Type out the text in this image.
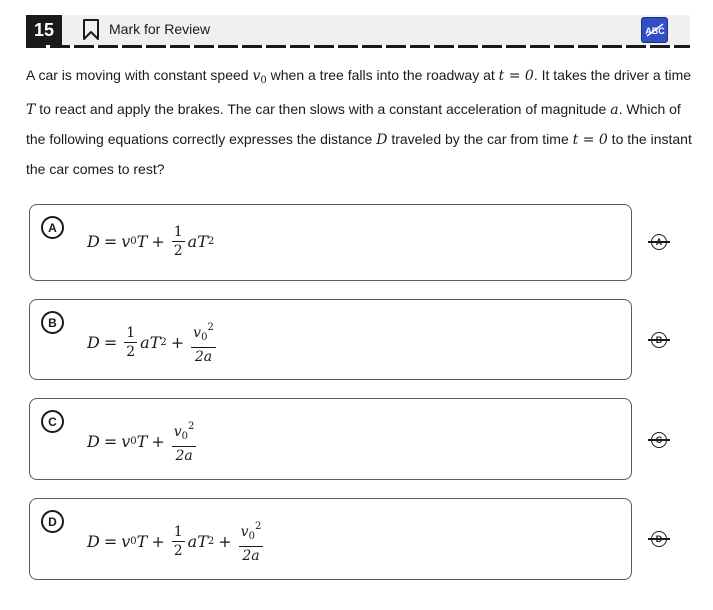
15	Mark for Review	ABC
A car is moving with constant speed $v_0$ when a tree falls into the roadway at t = 0. It takes the driver a time T to react and apply the brakes. The car then slows with a constant acceleration of magnitude a. Which of the following equations correctly expresses the distance D traveled by the car from time t = 0 to the instant the car comes to rest?
A
D = v 0 $T + \frac{1}{2}$ a T 2
B
$D = \frac{1}{2}$ a T $2 + \frac{v_0^2}{2a}$
C
D = v 0 $T + \frac{v_0^2}{2a}$
D
D = v 0 $T + \frac{1}{2}$ a T $2 + \frac{v_0^2}{2a}$
